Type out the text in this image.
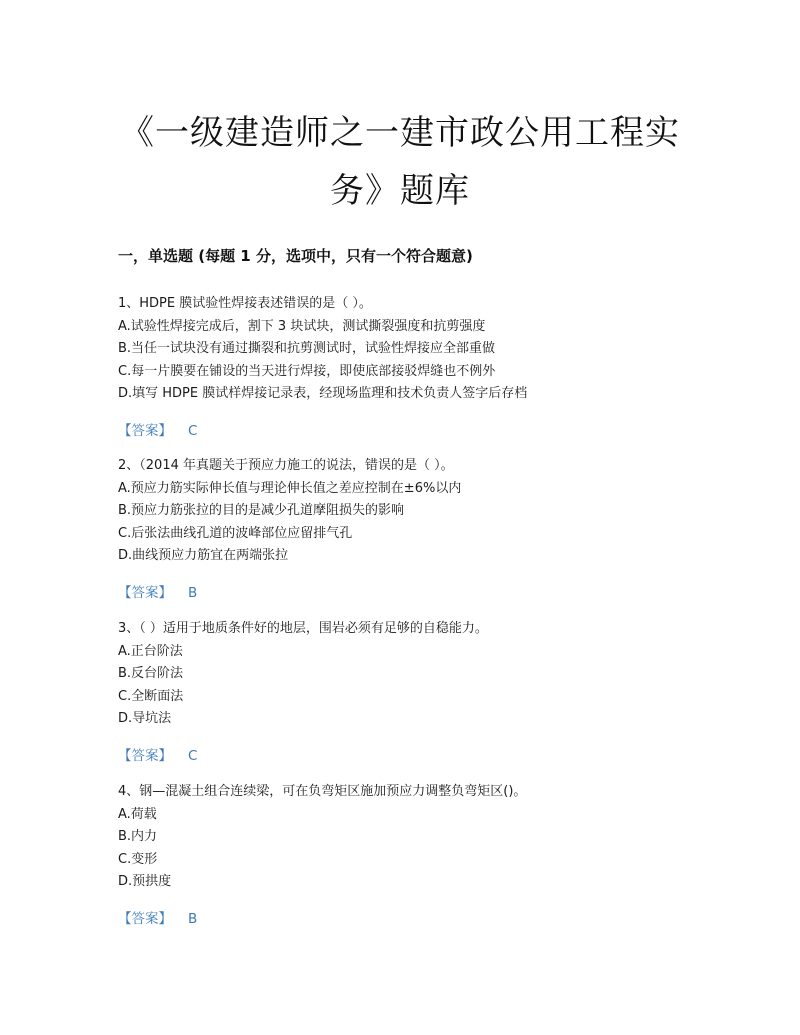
《一级建造师之一建市政公用工程实
务》题库
一，单选题 (每题 1 分，选项中，只有一个符合题意)
1、HDPE 膜试验性焊接表述错误的是（ ）。
A.试验性焊接完成后，割下 3 块试块，测试撕裂强度和抗剪强度
B.当任一试块没有通过撕裂和抗剪测试时，试验性焊接应全部重做
C.每一片膜要在铺设的当天进行焊接，即使底部接驳焊缝也不例外
D.填写 HDPE 膜试样焊接记录表，经现场监理和技术负责人签字后存档
【答案】 C
2、（2014 年真题关于预应力施工的说法，错误的是（ ）。
A.预应力筋实际伸长值与理论伸长值之差应控制在±6%以内
B.预应力筋张拉的目的是减少孔道摩阻损失的影响
C.后张法曲线孔道的波峰部位应留排气孔
D.曲线预应力筋宜在两端张拉
【答案】 B
3、（ ）适用于地质条件好的地层，围岩必须有足够的自稳能力。
A.正台阶法
B.反台阶法
C.全断面法
D.导坑法
【答案】 C
4、钢—混凝土组合连续梁，可在负弯矩区施加预应力调整负弯矩区()。
A.荷载
B.内力
C.变形
D.预拱度
【答案】 B
